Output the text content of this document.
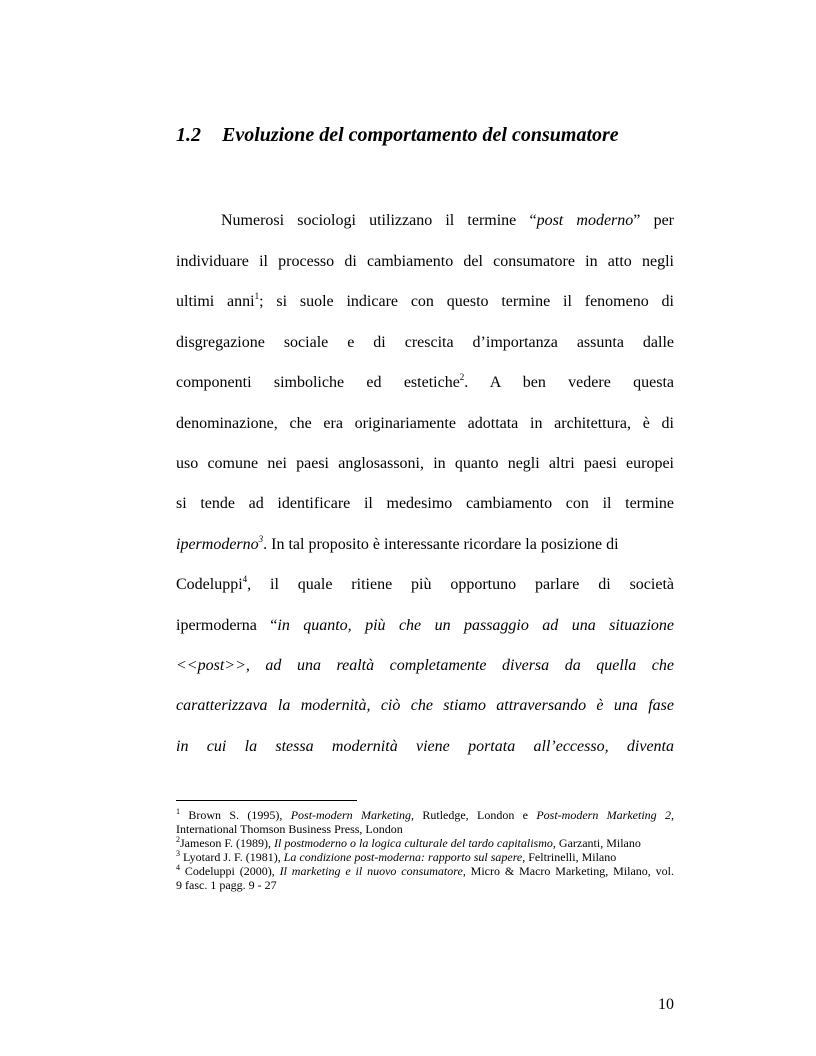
1.2 Evoluzione del comportamento del consumatore

Numerosi sociologi utilizzano il termine “post moderno” per

individuare il processo di cambiamento del consumatore in atto negli

ultimi anni$^1$; si suole indicare con questo termine il fenomeno di

disgregazione sociale e di crescita d’importanza assunta dalle

componenti simboliche ed estetiche$^2$. A ben vedere questa

denominazione, che era originariamente adottata in architettura, è di

uso comune nei paesi anglosassoni, in quanto negli altri paesi europei

si tende ad identificare il medesimo cambiamento con il termine

ipermoderno$^3$. In tal proposito è interessante ricordare la posizione di

Codeluppi$^4$, il quale ritiene più opportuno parlare di società

ipermoderna “in quanto, più che un passaggio ad una situazione

<<post>>, ad una realtà completamente diversa da quella che

caratterizzava la modernità, ciò che stiamo attraversando è una fase

in cui la stessa modernità viene portata all’eccesso, diventa

$^1$ Brown S. (1995), Post-modern Marketing, Rutledge, London e Post-modern Marketing 2,

International Thomson Business Press, London

$^2$Jameson F. (1989), Il postmoderno o la logica culturale del tardo capitalismo, Garzanti, Milano

$^3$ Lyotard J. F. (1981), La condizione post-moderna: rapporto sul sapere, Feltrinelli, Milano

$^4$ Codeluppi (2000), Il marketing e il nuovo consumatore, Micro & Macro Marketing, Milano, vol.

9 fasc. 1 pagg. 9 - 27

10
